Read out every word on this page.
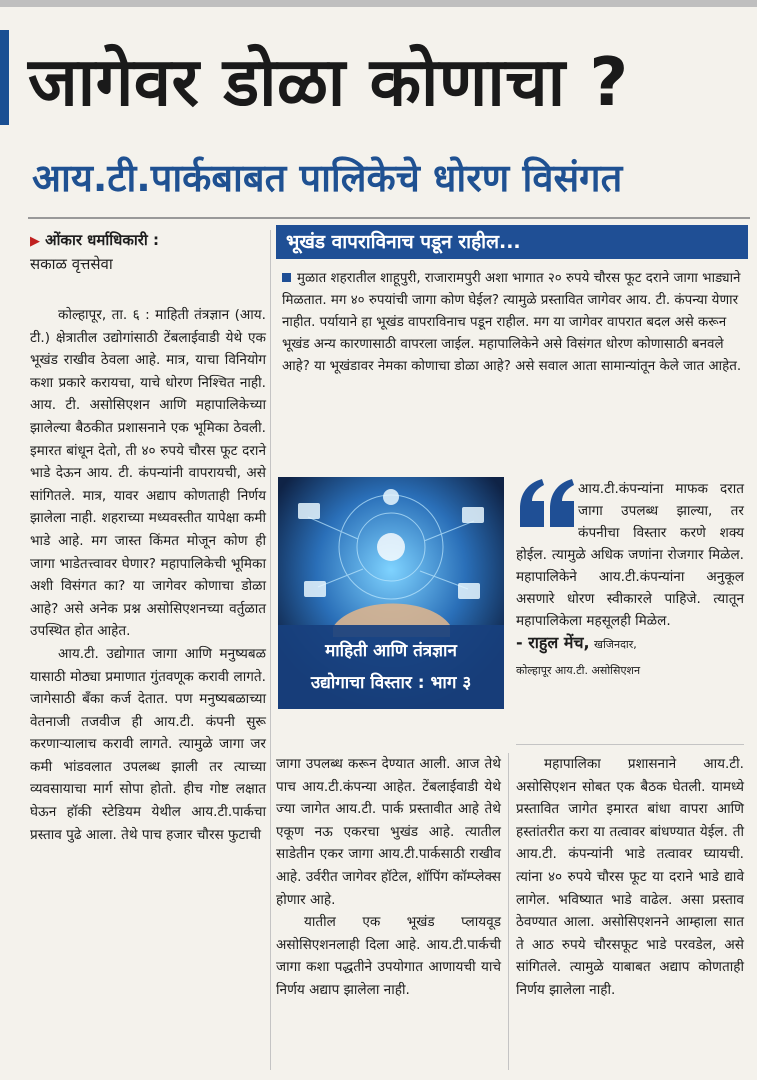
जागेवर डोळा कोणाचा ?
आय.टी.पार्कबाबत पालिकेचे धोरण विसंगत
▶ ओंकार धर्माधिकारी :
सकाळ वृत्तसेवा

कोल्हापूर, ता. ६ : माहिती तंत्रज्ञान (आय. टी.) क्षेत्रातील उद्योगांसाठी टेंबलाईवाडी येथे एक भूखंड राखीव ठेवला आहे. मात्र, याचा विनियोग कशा प्रकारे करायचा, याचे धोरण निश्चित नाही. आय. टी. असोसिएशन आणि महापालिकेच्या झालेल्या बैठकीत प्रशासनाने एक भूमिका ठेवली. इमारत बांधून देतो, ती ४० रुपये चौरस फूट दराने भाडे देऊन आय. टी. कंपन्यांनी वापरायची, असे सांगितले. मात्र, यावर अद्याप कोणताही निर्णय झालेला नाही. शहराच्या मध्यवस्तीत यापेक्षा कमी भाडे आहे. मग जास्त किंमत मोजून कोण ही जागा भाडेतत्त्वावर घेणार? महापालिकेची भूमिका अशी विसंगत का? या जागेवर कोणाचा डोळा आहे? असे अनेक प्रश्न असोसिएशनच्या वर्तुळात उपस्थित होत आहेत.

आय.टी. उद्योगात जागा आणि मनुष्यबळ यासाठी मोठ्या प्रमाणात गुंतवणूक करावी लागते. जागेसाठी बँका कर्ज देतात. पण मनुष्यबळाच्या वेतनाजी तजवीज ही आय.टी. कंपनी सुरू करणाऱ्यालाच करावी लागते. त्यामुळे जागा जर कमी भांडवलात उपलब्ध झाली तर त्याच्या व्यवसायाचा मार्ग सोपा होतो. हीच गोष्ट लक्षात घेऊन हॉकी स्टेडियम येथील आय.टी.पार्कचा प्रस्ताव पुढे आला. तेथे पाच हजार चौरस फुटाची

भूखंड वापराविनाच पडून राहील...
मुळात शहरातील शाहूपुरी, राजारामपुरी अशा भागात २० रुपये चौरस फूट दराने जागा भाड्याने मिळतात. मग ४० रुपयांची जागा कोण घेईल? त्यामुळे प्रस्तावित जागेवर आय. टी. कंपन्या येणार नाहीत. पर्यायाने हा भूखंड वापराविनाच पडून राहील. मग या जागेवर वापरात बदल असे करून भूखंड अन्य कारणासाठी वापरला जाईल. महापालिकेने असे विसंगत धोरण कोणासाठी बनवले आहे? या भूखंडावर नेमका कोणाचा डोळा आहे? असे सवाल आता सामान्यांतून केले जात आहेत.
माहिती आणि तंत्रज्ञान
उद्योगाचा विस्तार : भाग ३
आय.टी.कंपन्यांना माफक दरात जागा उपलब्ध झाल्या, तर कंपनीचा विस्तार करणे शक्य होईल. त्यामुळे अधिक जणांना रोजगार मिळेल. महापालिकेने आय.टी.कंपन्यांना अनुकूल असणारे धोरण स्वीकारले पाहिजे. त्यातून महापालिकेला महसूलही मिळेल.
- राहुल मेंच, खजिनदार,
कोल्हापूर आय.टी. असोसिएशन

जागा उपलब्ध करून देण्यात आली. आज तेथे पाच आय.टी.कंपन्या आहेत. टेंबलाईवाडी येथे ज्या जागेत आय.टी. पार्क प्रस्तावीत आहे तेथे एकूण नऊ एकरचा भुखंड आहे. त्यातील साडेतीन एकर जागा आय.टी.पार्कसाठी राखीव आहे. उर्वरीत जागेवर हॉटेल, शॉपिंग कॉम्प्लेक्स होणार आहे.

यातील एक भूखंड प्लायवूड असोसिएशनलाही दिला आहे. आय.टी.पार्कची जागा कशा पद्धतीने उपयोगात आणायची याचे निर्णय अद्याप झालेला नाही.

महापालिका प्रशासनाने आय.टी. असोसिएशन सोबत एक बैठक घेतली. यामध्ये प्रस्तावित जागेत इमारत बांधा वापरा आणि हस्तांतरीत करा या तत्वावर बांधण्यात येईल. ती आय.टी. कंपन्यांनी भाडे तत्वावर घ्यायची. त्यांना ४० रुपये चौरस फूट या दराने भाडे द्यावे लागेल. भविष्यात भाडे वाढेल. असा प्रस्ताव ठेवण्यात आला. असोसिएशनने आम्हाला सात ते आठ रुपये चौरसफूट भाडे परवडेल, असे सांगितले. त्यामुळे याबाबत अद्याप कोणताही निर्णय झालेला नाही.
